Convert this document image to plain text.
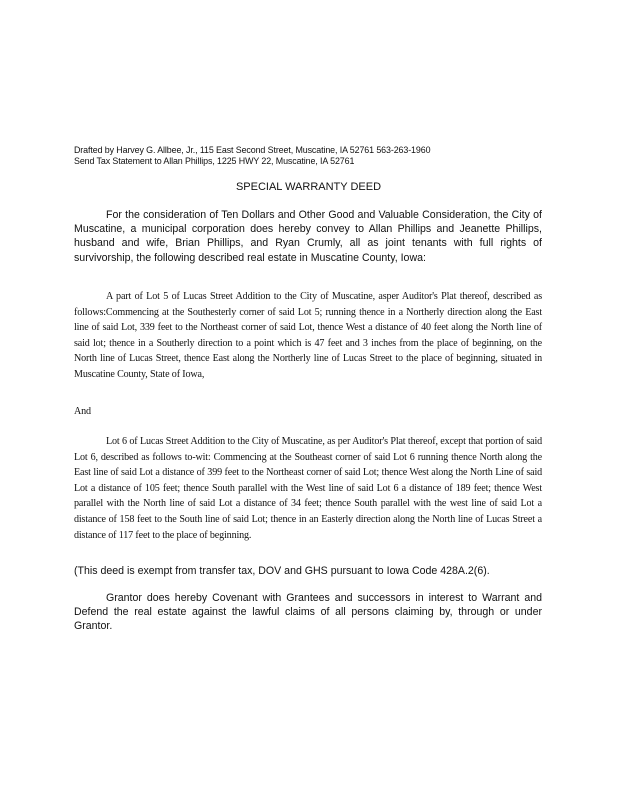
Drafted by Harvey G. Allbee, Jr., 115 East Second Street, Muscatine, IA 52761 563-263-1960
Send Tax Statement to Allan Phillips, 1225 HWY 22, Muscatine, IA 52761
SPECIAL WARRANTY DEED

For the consideration of Ten Dollars and Other Good and Valuable Consideration, the City of Muscatine, a municipal corporation does hereby convey to Allan Phillips and Jeanette Phillips, husband and wife, Brian Phillips, and Ryan Crumly, all as joint tenants with full rights of survivorship, the following described real estate in Muscatine County, Iowa:

A part of Lot 5 of Lucas Street Addition to the City of Muscatine, asper Auditor's Plat thereof, described as follows:Commencing at the Southesterly corner of said Lot 5; running thence in a Northerly direction along the East line of said Lot, 339 feet to the Northeast corner of said Lot, thence West a distance of 40 feet along the North line of said lot; thence in a Southerly direction to a point which is 47 feet and 3 inches from the place of beginning, on the North line of Lucas Street, thence East along the Northerly line of Lucas Street to the place of beginning, situated in Muscatine County, State of Iowa,

And

Lot 6 of Lucas Street Addition to the City of Muscatine, as per Auditor's Plat thereof, except that portion of said Lot 6, described as follows to-wit: Commencing at the Southeast corner of said Lot 6 running thence North along the East line of said Lot a distance of 399 feet to the Northeast corner of said Lot; thence West along the North Line of said Lot a distance of 105 feet; thence South parallel with the West line of said Lot 6 a distance of 189 feet; thence West parallel with the North line of said Lot a distance of 34 feet; thence South parallel with the west line of said Lot a distance of 158 feet to the South line of said Lot; thence in an Easterly direction along the North line of Lucas Street a distance of 117 feet to the place of beginning.

(This deed is exempt from transfer tax, DOV and GHS pursuant to Iowa Code 428A.2(6).

Grantor does hereby Covenant with Grantees and successors in interest to Warrant and Defend the real estate against the lawful claims of all persons claiming by, through or under Grantor.
